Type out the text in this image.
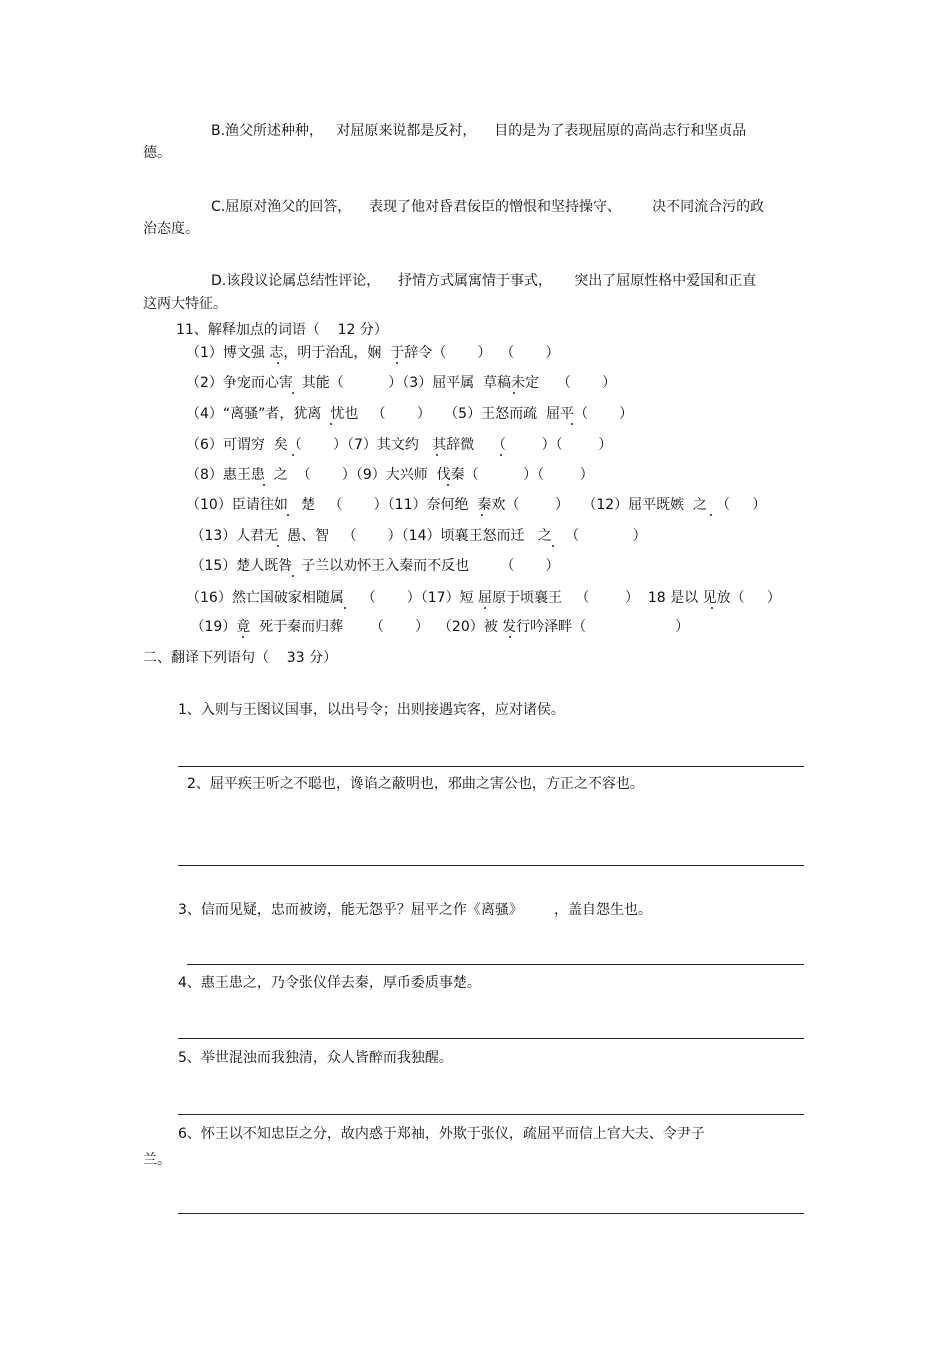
B.渔父所述种种，   对屈原来说都是反衬，    目的是为了表现屈原的高尚志行和坚贞品

德。

C.屈原对渔父的回答，    表现了他对昏君佞臣的憎恨和坚持操守、       决不同流合污的政

治态度。

D.该段议论属总结性评论，    抒情方式属寓情于事式，     突出了屈原性格中爱国和正直

这两大特征。

11、解释加点的词语（    12 分）

（1）博文强 志，明于治乱，娴  于辞令（       ）  （       ）

（2）争宠而心害  其能（          ）（3）屈平属  草稿未定    （       ）

（4）“离骚”者，犹离  忧也   （       ）   （5）王怒而疏  屈平（       ）

（6）可谓穷  矣（       ）（7）其文约   其辞微    （        ）（        ）

（8）惠王患  之  （       ）（9）大兴师  伐秦（          ）（        ）

（10）臣请往如   楚   （       ）（11）奈何绝  秦欢（        ）   （12）屈平既嫉  之  （     ）

（13）人君无  愚、智   （       ）（14）顷襄王怒而迁   之   （            ）

（15）楚人既咎  子兰以劝怀王入秦而不反也       （       ）

（16）然亡国破家相随属    （       ）（17）短 屈原于顷襄王   （        ）  18 是以 见放（     ）

（19）竟  死于秦而归葬      （       ）  （20）被 发行吟泽畔（                    ）

二、翻译下列语句（    33 分）

1、入则与王图议国事，以出号令；出则接遇宾客，应对诸侯。

2、屈平疾王听之不聪也，谗谄之蔽明也，邪曲之害公也，方正之不容也。

3、信而见疑，忠而被谤，能无怨乎？屈平之作《离骚》       ，盖自怨生也。

4、惠王患之，乃令张仪佯去秦，厚币委质事楚。

5、举世混浊而我独清，众人皆醉而我独醒。

6、怀王以不知忠臣之分，故内惑于郑袖，外欺于张仪，疏屈平而信上官大夫、令尹子

兰。
